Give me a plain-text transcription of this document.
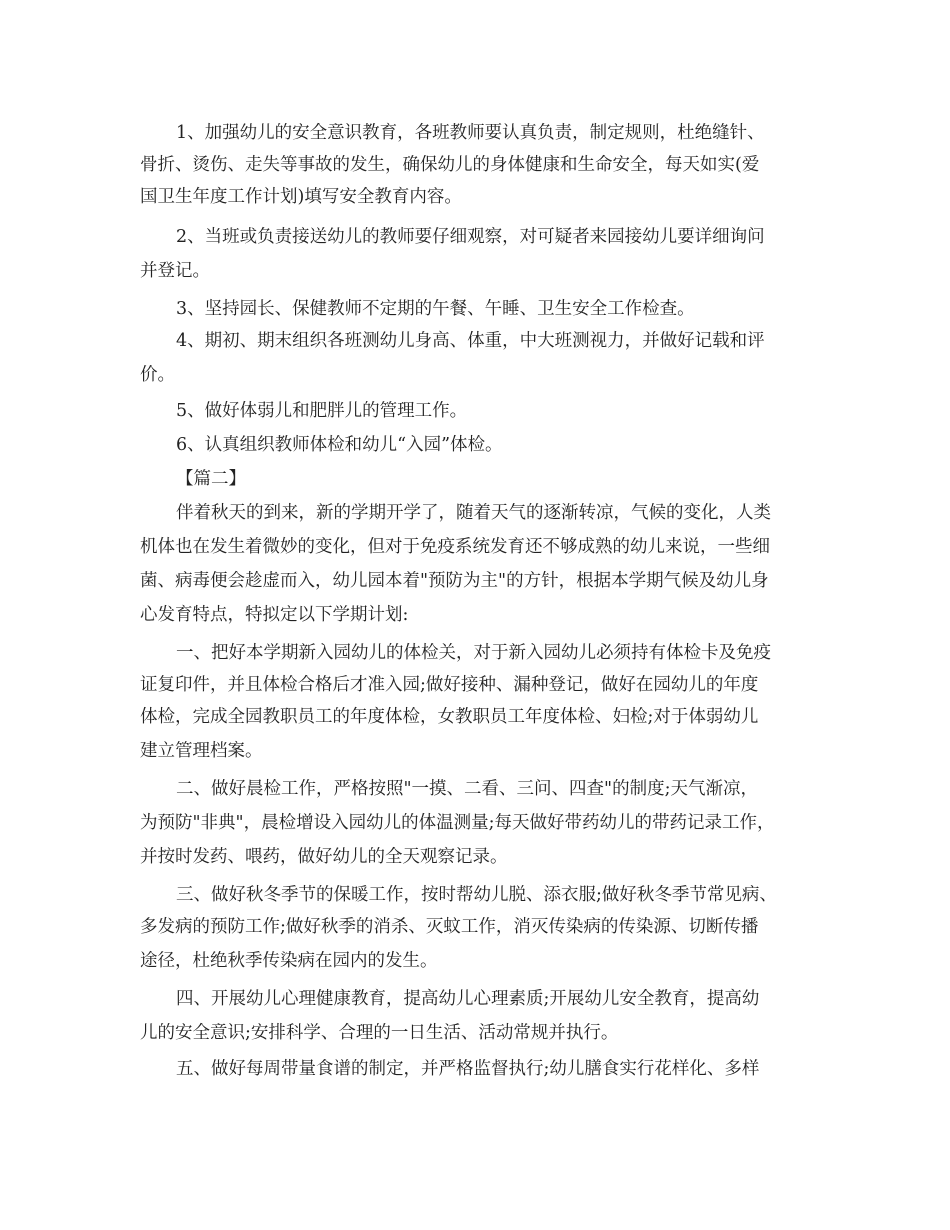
1、加强幼儿的安全意识教育，各班教师要认真负责，制定规则，杜绝缝针、
骨折、烫伤、走失等事故的发生，确保幼儿的身体健康和生命安全，每天如实(爱
国卫生年度工作计划)填写安全教育内容。
2、当班或负责接送幼儿的教师要仔细观察，对可疑者来园接幼儿要详细询问
并登记。
3、坚持园长、保健教师不定期的午餐、午睡、卫生安全工作检查。
4、期初、期末组织各班测幼儿身高、体重，中大班测视力，并做好记载和评
价。
5、做好体弱儿和肥胖儿的管理工作。
6、认真组织教师体检和幼儿“入园”体检。
【篇二】
伴着秋天的到来，新的学期开学了，随着天气的逐渐转凉，气候的变化，人类
机体也在发生着微妙的变化，但对于免疫系统发育还不够成熟的幼儿来说，一些细
菌、病毒便会趁虚而入，幼儿园本着"预防为主"的方针，根据本学期气候及幼儿身
心发育特点，特拟定以下学期计划:
一、把好本学期新入园幼儿的体检关，对于新入园幼儿必须持有体检卡及免疫
证复印件，并且体检合格后才准入园;做好接种、漏种登记，做好在园幼儿的年度
体检，完成全园教职员工的年度体检，女教职员工年度体检、妇检;对于体弱幼儿
建立管理档案。
二、做好晨检工作，严格按照"一摸、二看、三问、四查"的制度;天气渐凉，
为预防"非典"，晨检增设入园幼儿的体温测量;每天做好带药幼儿的带药记录工作，
并按时发药、喂药，做好幼儿的全天观察记录。
三、做好秋冬季节的保暖工作，按时帮幼儿脱、添衣服;做好秋冬季节常见病、
多发病的预防工作;做好秋季的消杀、灭蚊工作，消灭传染病的传染源、切断传播
途径，杜绝秋季传染病在园内的发生。
四、开展幼儿心理健康教育，提高幼儿心理素质;开展幼儿安全教育，提高幼
儿的安全意识;安排科学、合理的一日生活、活动常规并执行。
五、做好每周带量食谱的制定，并严格监督执行;幼儿膳食实行花样化、多样
